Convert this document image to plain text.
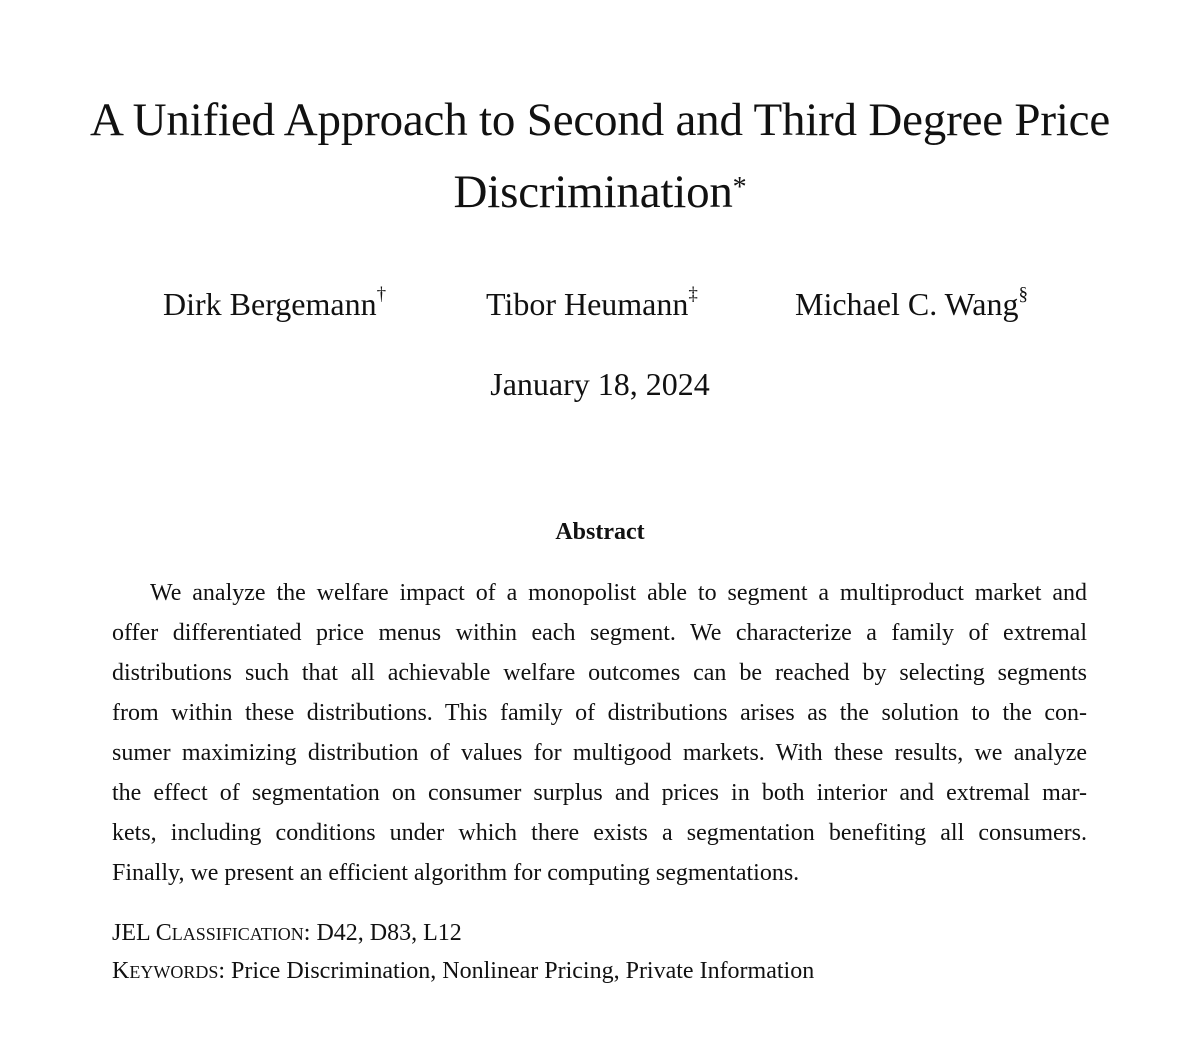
A Unified Approach to Second and Third Degree Price
Discrimination*
Dirk Bergemann†	Tibor Heumann‡	Michael C. Wang§
January 18, 2024
Abstract
We analyze the welfare impact of a monopolist able to segment a multiproduct market and
offer differentiated price menus within each segment. We characterize a family of extremal
distributions such that all achievable welfare outcomes can be reached by selecting segments
from within these distributions. This family of distributions arises as the solution to the con-
sumer maximizing distribution of values for multigood markets. With these results, we analyze
the effect of segmentation on consumer surplus and prices in both interior and extremal mar-
kets, including conditions under which there exists a segmentation benefiting all consumers.
Finally, we present an efficient algorithm for computing segmentations.
JEL CLASSIFICATION: D42, D83, L12
KEYWORDS: Price Discrimination, Nonlinear Pricing, Private Information
